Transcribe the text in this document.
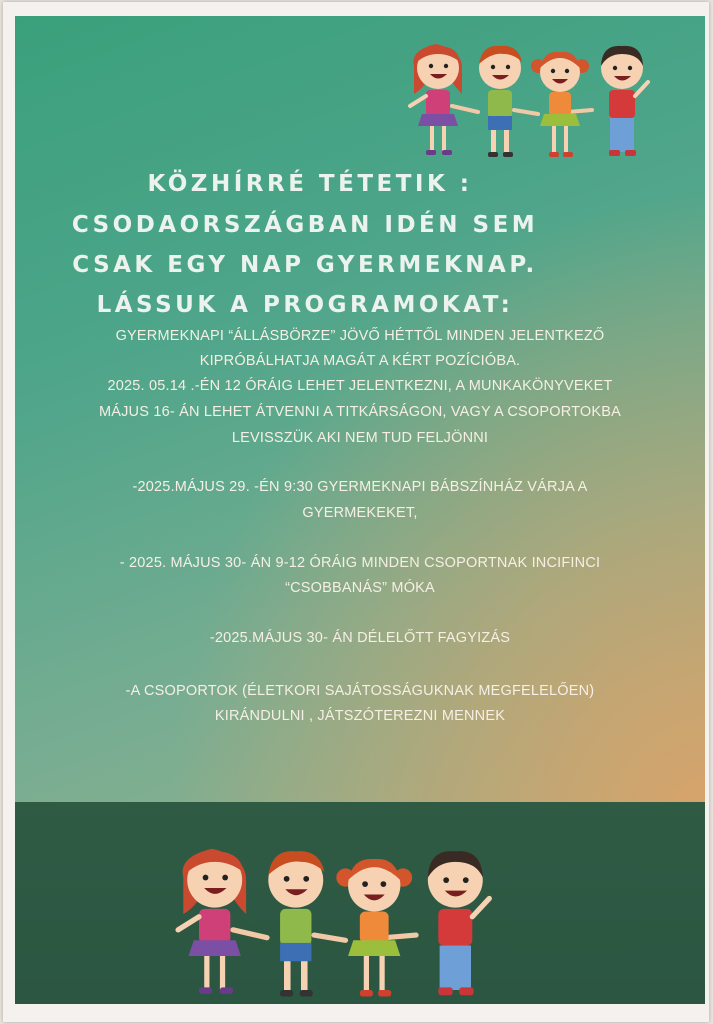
KÖZHÍRRÉ TÉTETIK :
CSODAORSZÁGBAN IDÉN SEM
CSAK EGY NAP GYERMEKNAP.
LÁSSUK A PROGRAMOKAT:
GYERMEKNAPI “ÁLLÁSBÖRZE” JÖVŐ HÉTTŐL MINDEN JELENTKEZŐ
KIPRÓBÁLHATJA MAGÁT A KÉRT POZÍCIÓBA.
2025. 05.14 .-ÉN 12 ÓRÁIG LEHET JELENTKEZNI, A MUNKAKÖNYVEKET
MÁJUS 16- ÁN LEHET ÁTVENNI A TITKÁRSÁGON, VAGY A CSOPORTOKBA
LEVISSZÜK AKI NEM TUD FELJÖNNI
-2025.MÁJUS 29. -ÉN 9:30 GYERMEKNAPI BÁBSZÍNHÁZ VÁRJA A
GYERMEKEKET,
- 2025. MÁJUS 30- ÁN 9-12 ÓRÁIG MINDEN CSOPORTNAK INCIFINCI
“CSOBBANÁS” MÓKA
-2025.MÁJUS 30- ÁN DÉLELŐTT FAGYIZÁS
-A CSOPORTOK (ÉLETKORI SAJÁTOSSÁGUKNAK MEGFELELŐEN)
KIRÁNDULNI , JÁTSZÓTEREZNI MENNEK
